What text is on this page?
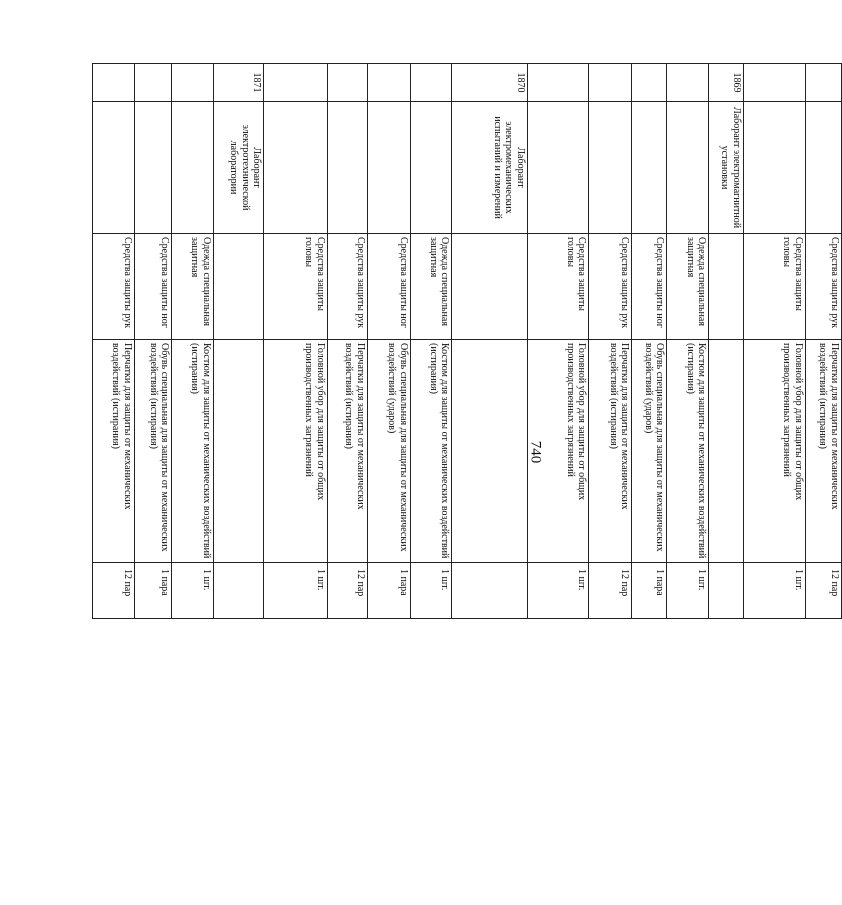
740
		Средства защиты рук	Перчатки для защиты от механических воздействий (истирания)	12 пар
		Средства защиты головы	Головной убор для защиты от общих производственных загрязнений	1 шт.
1869	Лаборант электромагнитной установки			
		Одежда специальная защитная	Костюм для защиты от механических воздействий (истирания)	1 шт.
		Средства защиты ног	Обувь специальная для защиты от механических воздействий (ударов)	1 пара
		Средства защиты рук	Перчатки для защиты от механических воздействий (истирания)	12 пар
		Средства защиты головы	Головной убор для защиты от общих производственных загрязнений	1 шт.
1870	Лаборант электромеханических испытаний и измерений			
		Одежда специальная защитная	Костюм для защиты от механических воздействий (истирания)	1 шт.
		Средства защиты ног	Обувь специальная для защиты от механических воздействий (ударов)	1 пара
		Средства защиты рук	Перчатки для защиты от механических воздействий (истирания)	12 пар
		Средства защиты головы	Головной убор для защиты от общих производственных загрязнений	1 шт.
1871	Лаборант электротехнической лаборатории			
		Одежда специальная защитная	Костюм для защиты от механических воздействий (истирания)	1 шт.
		Средства защиты ног	Обувь специальная для защиты от механических воздействий (истирания)	1 пара
		Средства защиты рук	Перчатки для защиты от механических воздействий (истирания)	12 пар
